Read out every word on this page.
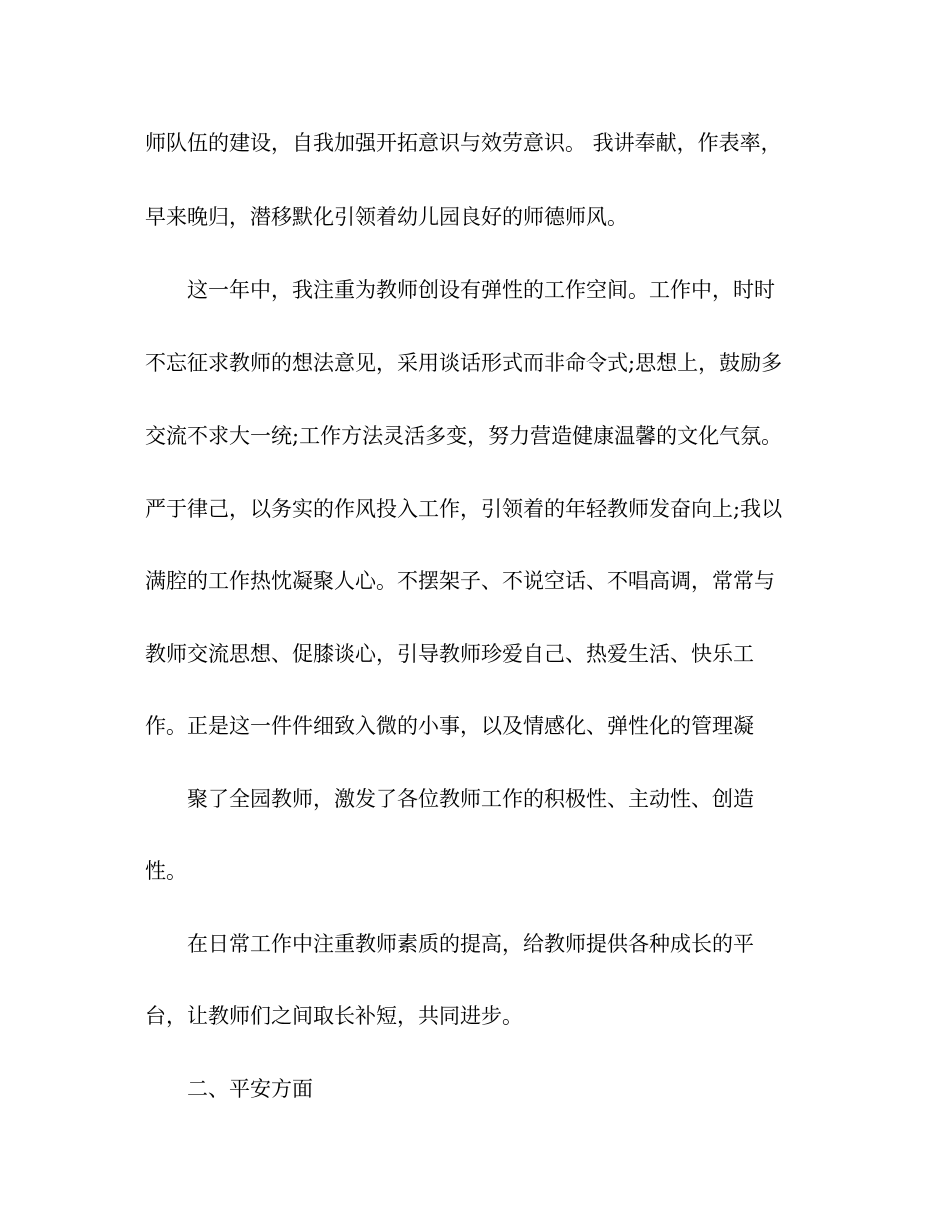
师队伍的建设，自我加强开拓意识与效劳意识。 我讲奉献，作表率，
早来晚归，潜移默化引领着幼儿园良好的师德师风。
这一年中，我注重为教师创设有弹性的工作空间。工作中，时时
不忘征求教师的想法意见，采用谈话形式而非命令式;思想上，鼓励多
交流不求大一统;工作方法灵活多变，努力营造健康温馨的文化气氛。
严于律己，以务实的作风投入工作，引领着的年轻教师发奋向上;我以
满腔的工作热忱凝聚人心。不摆架子、不说空话、不唱高调，常常与
教师交流思想、促膝谈心，引导教师珍爱自己、热爱生活、快乐工
作。正是这一件件细致入微的小事，以及情感化、弹性化的管理凝
聚了全园教师，激发了各位教师工作的积极性、主动性、创造
性。
在日常工作中注重教师素质的提高，给教师提供各种成长的平
台，让教师们之间取长补短，共同进步。
二、平安方面
